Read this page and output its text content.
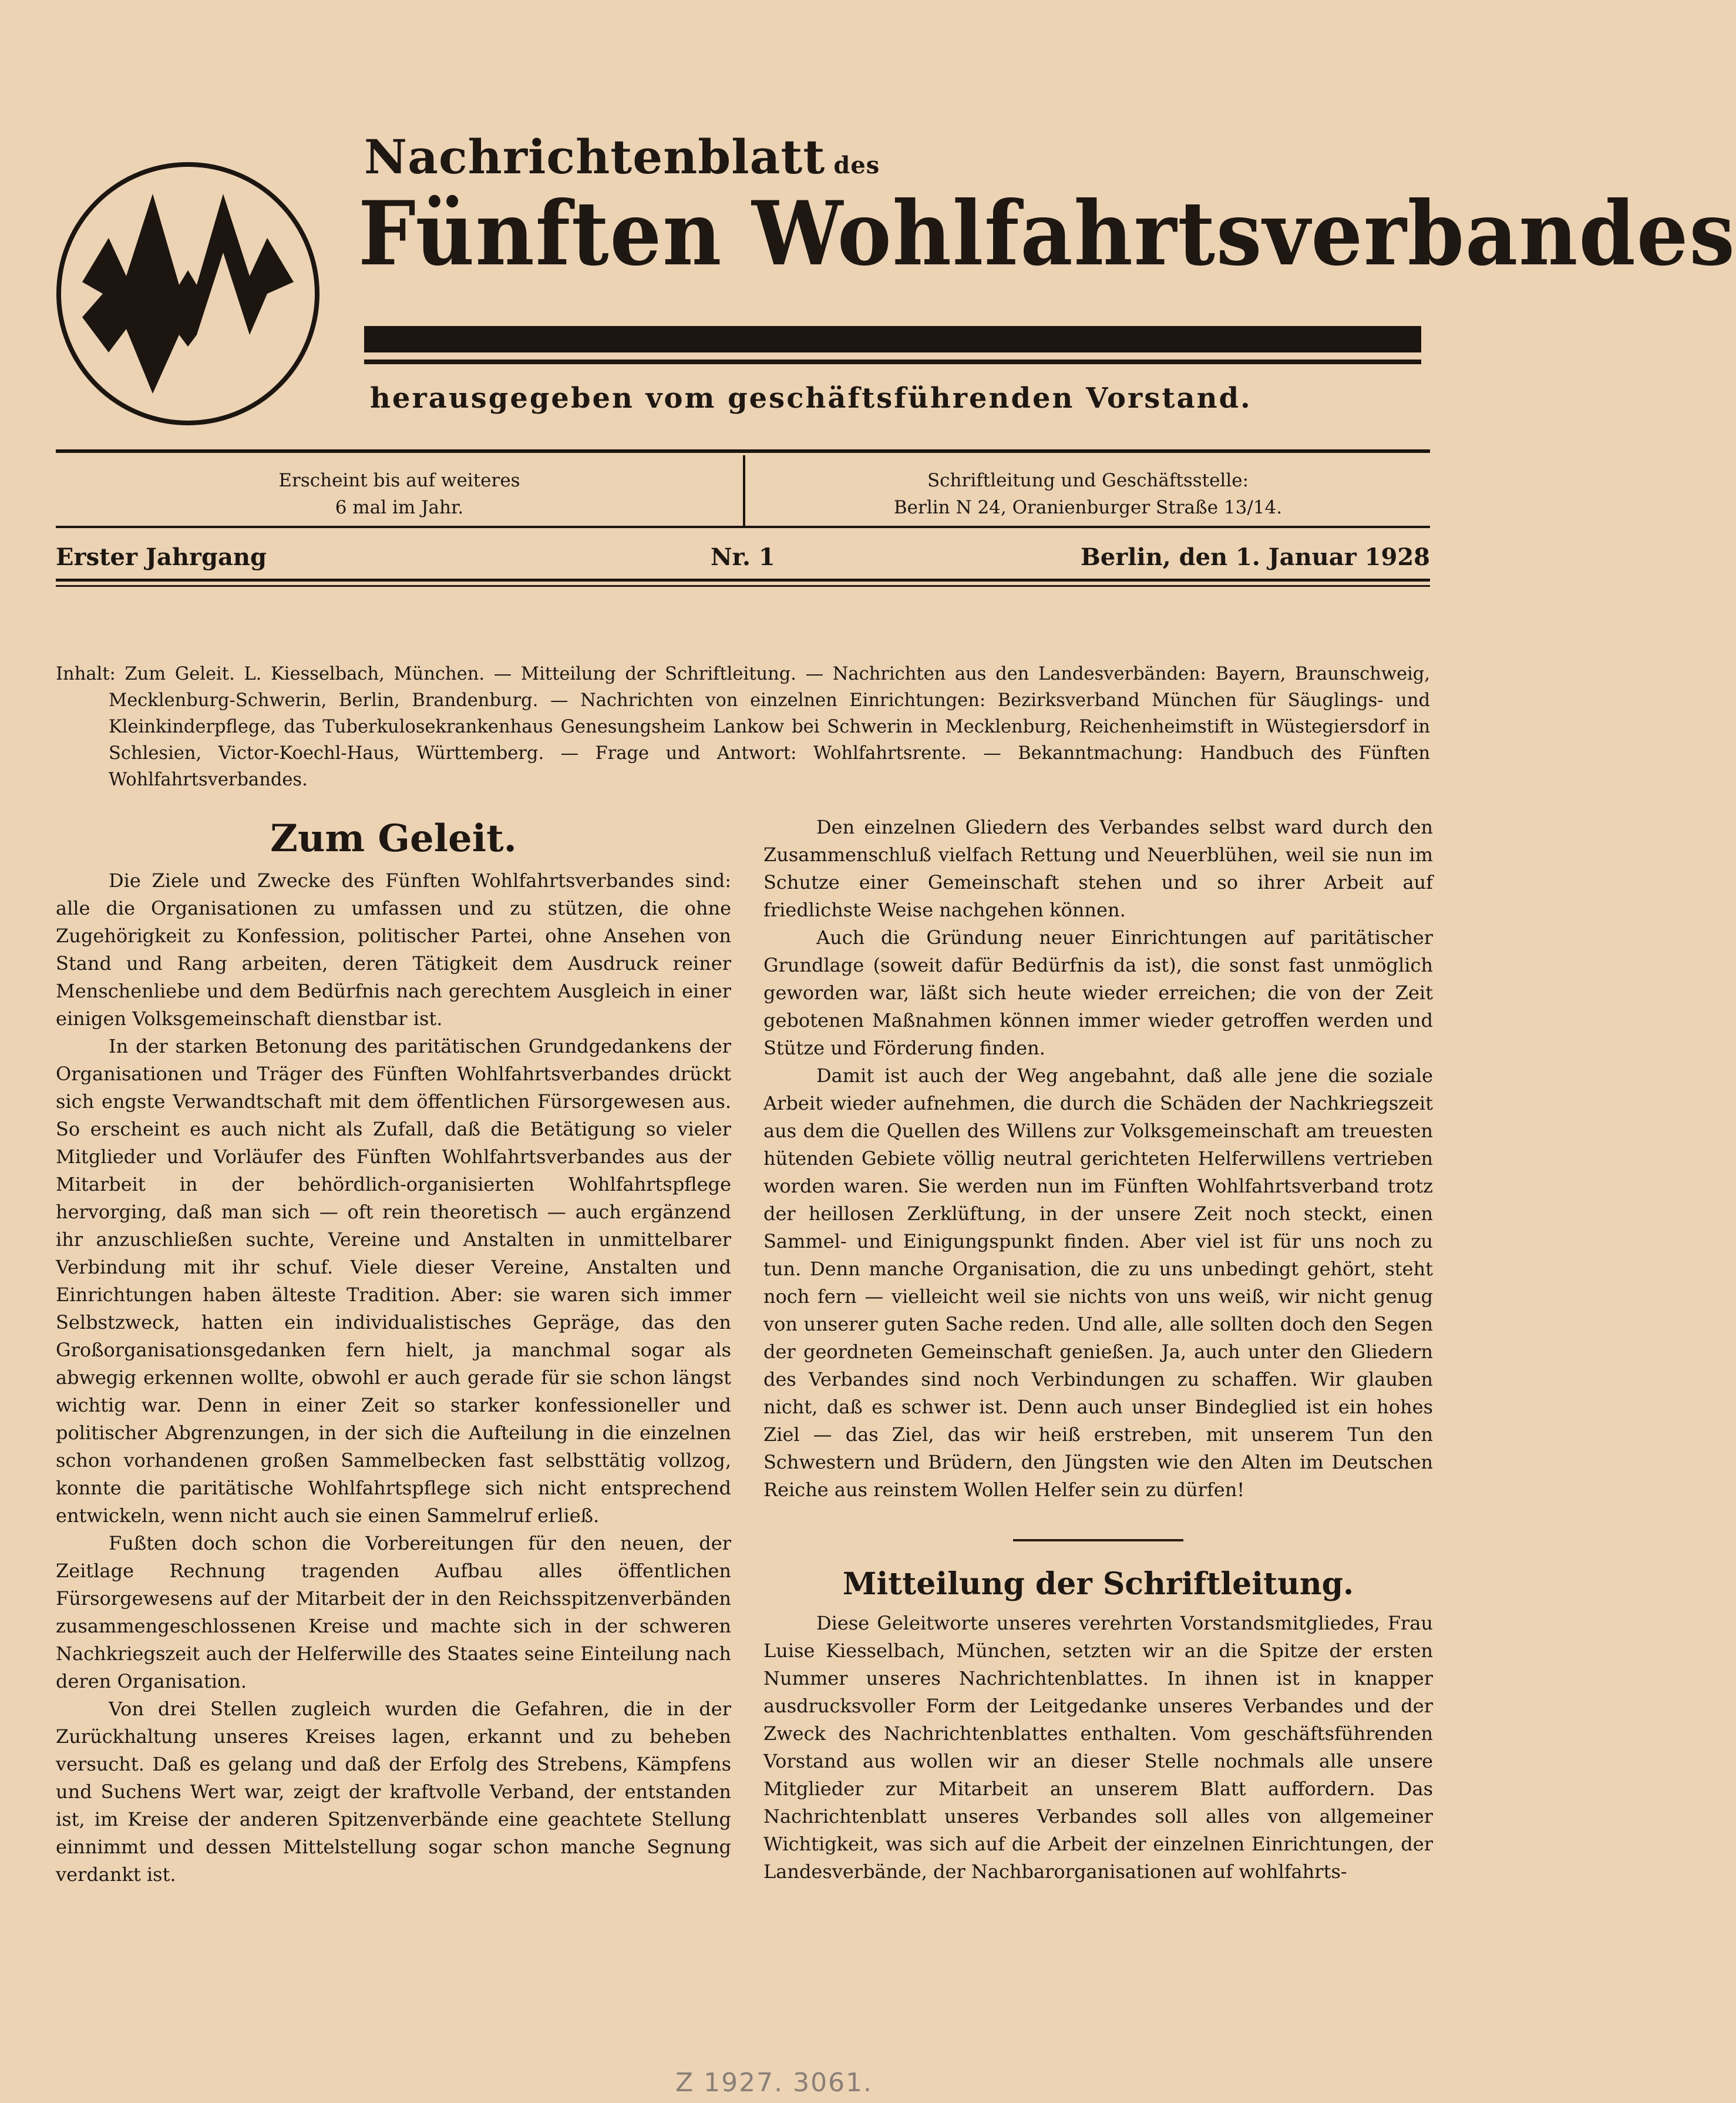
Nachrichtenblatt des
Fünften Wohlfahrtsverbandes
herausgegeben vom geschäftsführenden Vorstand.
Erscheint bis auf weiteres
6 mal im Jahr.
Schriftleitung und Geschäftsstelle:
Berlin N 24, Oranienburger Straße 13/14.
Erster Jahrgang	Nr. 1	Berlin, den 1. Januar 1928

Inhalt: Zum Geleit. L. Kiesselbach, München. — Mitteilung der Schriftleitung. — Nachrichten aus den Landesverbänden: Bayern, Braunschweig, Mecklenburg-Schwerin, Berlin, Brandenburg. — Nachrichten von einzelnen Einrichtungen: Bezirksverband München für Säuglings- und Kleinkinderpflege, das Tuberkulosekrankenhaus Genesungsheim Lankow bei Schwerin in Mecklenburg, Reichenheimstift in Wüstegiersdorf in Schlesien, Victor-Koechl-Haus, Württemberg. — Frage und Antwort: Wohlfahrtsrente. — Bekanntmachung: Handbuch des Fünften Wohlfahrtsverbandes.

Zum Geleit.

Die Ziele und Zwecke des Fünften Wohlfahrtsverbandes sind: alle die Organisationen zu umfassen und zu stützen, die ohne Zugehörigkeit zu Konfession, politischer Partei, ohne Ansehen von Stand und Rang arbeiten, deren Tätigkeit dem Ausdruck reiner Menschenliebe und dem Bedürfnis nach gerechtem Ausgleich in einer einigen Volksgemeinschaft dienstbar ist.

In der starken Betonung des paritätischen Grundgedankens der Organisationen und Träger des Fünften Wohlfahrtsverbandes drückt sich engste Verwandtschaft mit dem öffentlichen Fürsorgewesen aus. So erscheint es auch nicht als Zufall, daß die Betätigung so vieler Mitglieder und Vorläufer des Fünften Wohlfahrtsverbandes aus der Mitarbeit in der behördlich-organisierten Wohlfahrtspflege hervorging, daß man sich — oft rein theoretisch — auch ergänzend ihr anzuschließen suchte, Vereine und Anstalten in unmittelbarer Verbindung mit ihr schuf. Viele dieser Vereine, Anstalten und Einrichtungen haben älteste Tradition. Aber: sie waren sich immer Selbstzweck, hatten ein individualistisches Gepräge, das den Großorganisationsgedanken fern hielt, ja manchmal sogar als abwegig erkennen wollte, obwohl er auch gerade für sie schon längst wichtig war. Denn in einer Zeit so starker konfessioneller und politischer Abgrenzungen, in der sich die Aufteilung in die einzelnen schon vorhandenen großen Sammelbecken fast selbsttätig vollzog, konnte die paritätische Wohlfahrtspflege sich nicht entsprechend entwickeln, wenn nicht auch sie einen Sammelruf erließ.

Fußten doch schon die Vorbereitungen für den neuen, der Zeitlage Rechnung tragenden Aufbau alles öffentlichen Fürsorgewesens auf der Mitarbeit der in den Reichsspitzenverbänden zusammengeschlossenen Kreise und machte sich in der schweren Nachkriegszeit auch der Helferwille des Staates seine Einteilung nach deren Organisation.

Von drei Stellen zugleich wurden die Gefahren, die in der Zurückhaltung unseres Kreises lagen, erkannt und zu beheben versucht. Daß es gelang und daß der Erfolg des Strebens, Kämpfens und Suchens Wert war, zeigt der kraftvolle Verband, der entstanden ist, im Kreise der anderen Spitzenverbände eine geachtete Stellung einnimmt und dessen Mittelstellung sogar schon manche Segnung verdankt ist.

Den einzelnen Gliedern des Verbandes selbst ward durch den Zusammenschluß vielfach Rettung und Neuerblühen, weil sie nun im Schutze einer Gemeinschaft stehen und so ihrer Arbeit auf friedlichste Weise nachgehen können.

Auch die Gründung neuer Einrichtungen auf paritätischer Grundlage (soweit dafür Bedürfnis da ist), die sonst fast unmöglich geworden war, läßt sich heute wieder erreichen; die von der Zeit gebotenen Maßnahmen können immer wieder getroffen werden und Stütze und Förderung finden.

Damit ist auch der Weg angebahnt, daß alle jene die soziale Arbeit wieder aufnehmen, die durch die Schäden der Nachkriegszeit aus dem die Quellen des Willens zur Volksgemeinschaft am treuesten hütenden Gebiete völlig neutral gerichteten Helferwillens vertrieben worden waren. Sie werden nun im Fünften Wohlfahrtsverband trotz der heillosen Zerklüftung, in der unsere Zeit noch steckt, einen Sammel- und Einigungspunkt finden. Aber viel ist für uns noch zu tun. Denn manche Organisation, die zu uns unbedingt gehört, steht noch fern — vielleicht weil sie nichts von uns weiß, wir nicht genug von unserer guten Sache reden. Und alle, alle sollten doch den Segen der geordneten Gemeinschaft genießen. Ja, auch unter den Gliedern des Verbandes sind noch Verbindungen zu schaffen. Wir glauben nicht, daß es schwer ist. Denn auch unser Bindeglied ist ein hohes Ziel — das Ziel, das wir heiß erstreben, mit unserem Tun den Schwestern und Brüdern, den Jüngsten wie den Alten im Deutschen Reiche aus reinstem Wollen Helfer sein zu dürfen!

Mitteilung der Schriftleitung.

Diese Geleitworte unseres verehrten Vorstandsmitgliedes, Frau Luise Kiesselbach, München, setzten wir an die Spitze der ersten Nummer unseres Nachrichtenblattes. In ihnen ist in knapper ausdrucksvoller Form der Leitgedanke unseres Verbandes und der Zweck des Nachrichtenblattes enthalten. Vom geschäftsführenden Vorstand aus wollen wir an dieser Stelle nochmals alle unsere Mitglieder zur Mitarbeit an unserem Blatt auffordern. Das Nachrichtenblatt unseres Verbandes soll alles von allgemeiner Wichtigkeit, was sich auf die Arbeit der einzelnen Einrichtungen, der Landesverbände, der Nachbarorganisationen auf wohlfahrts-

Z 1927. 3061.
